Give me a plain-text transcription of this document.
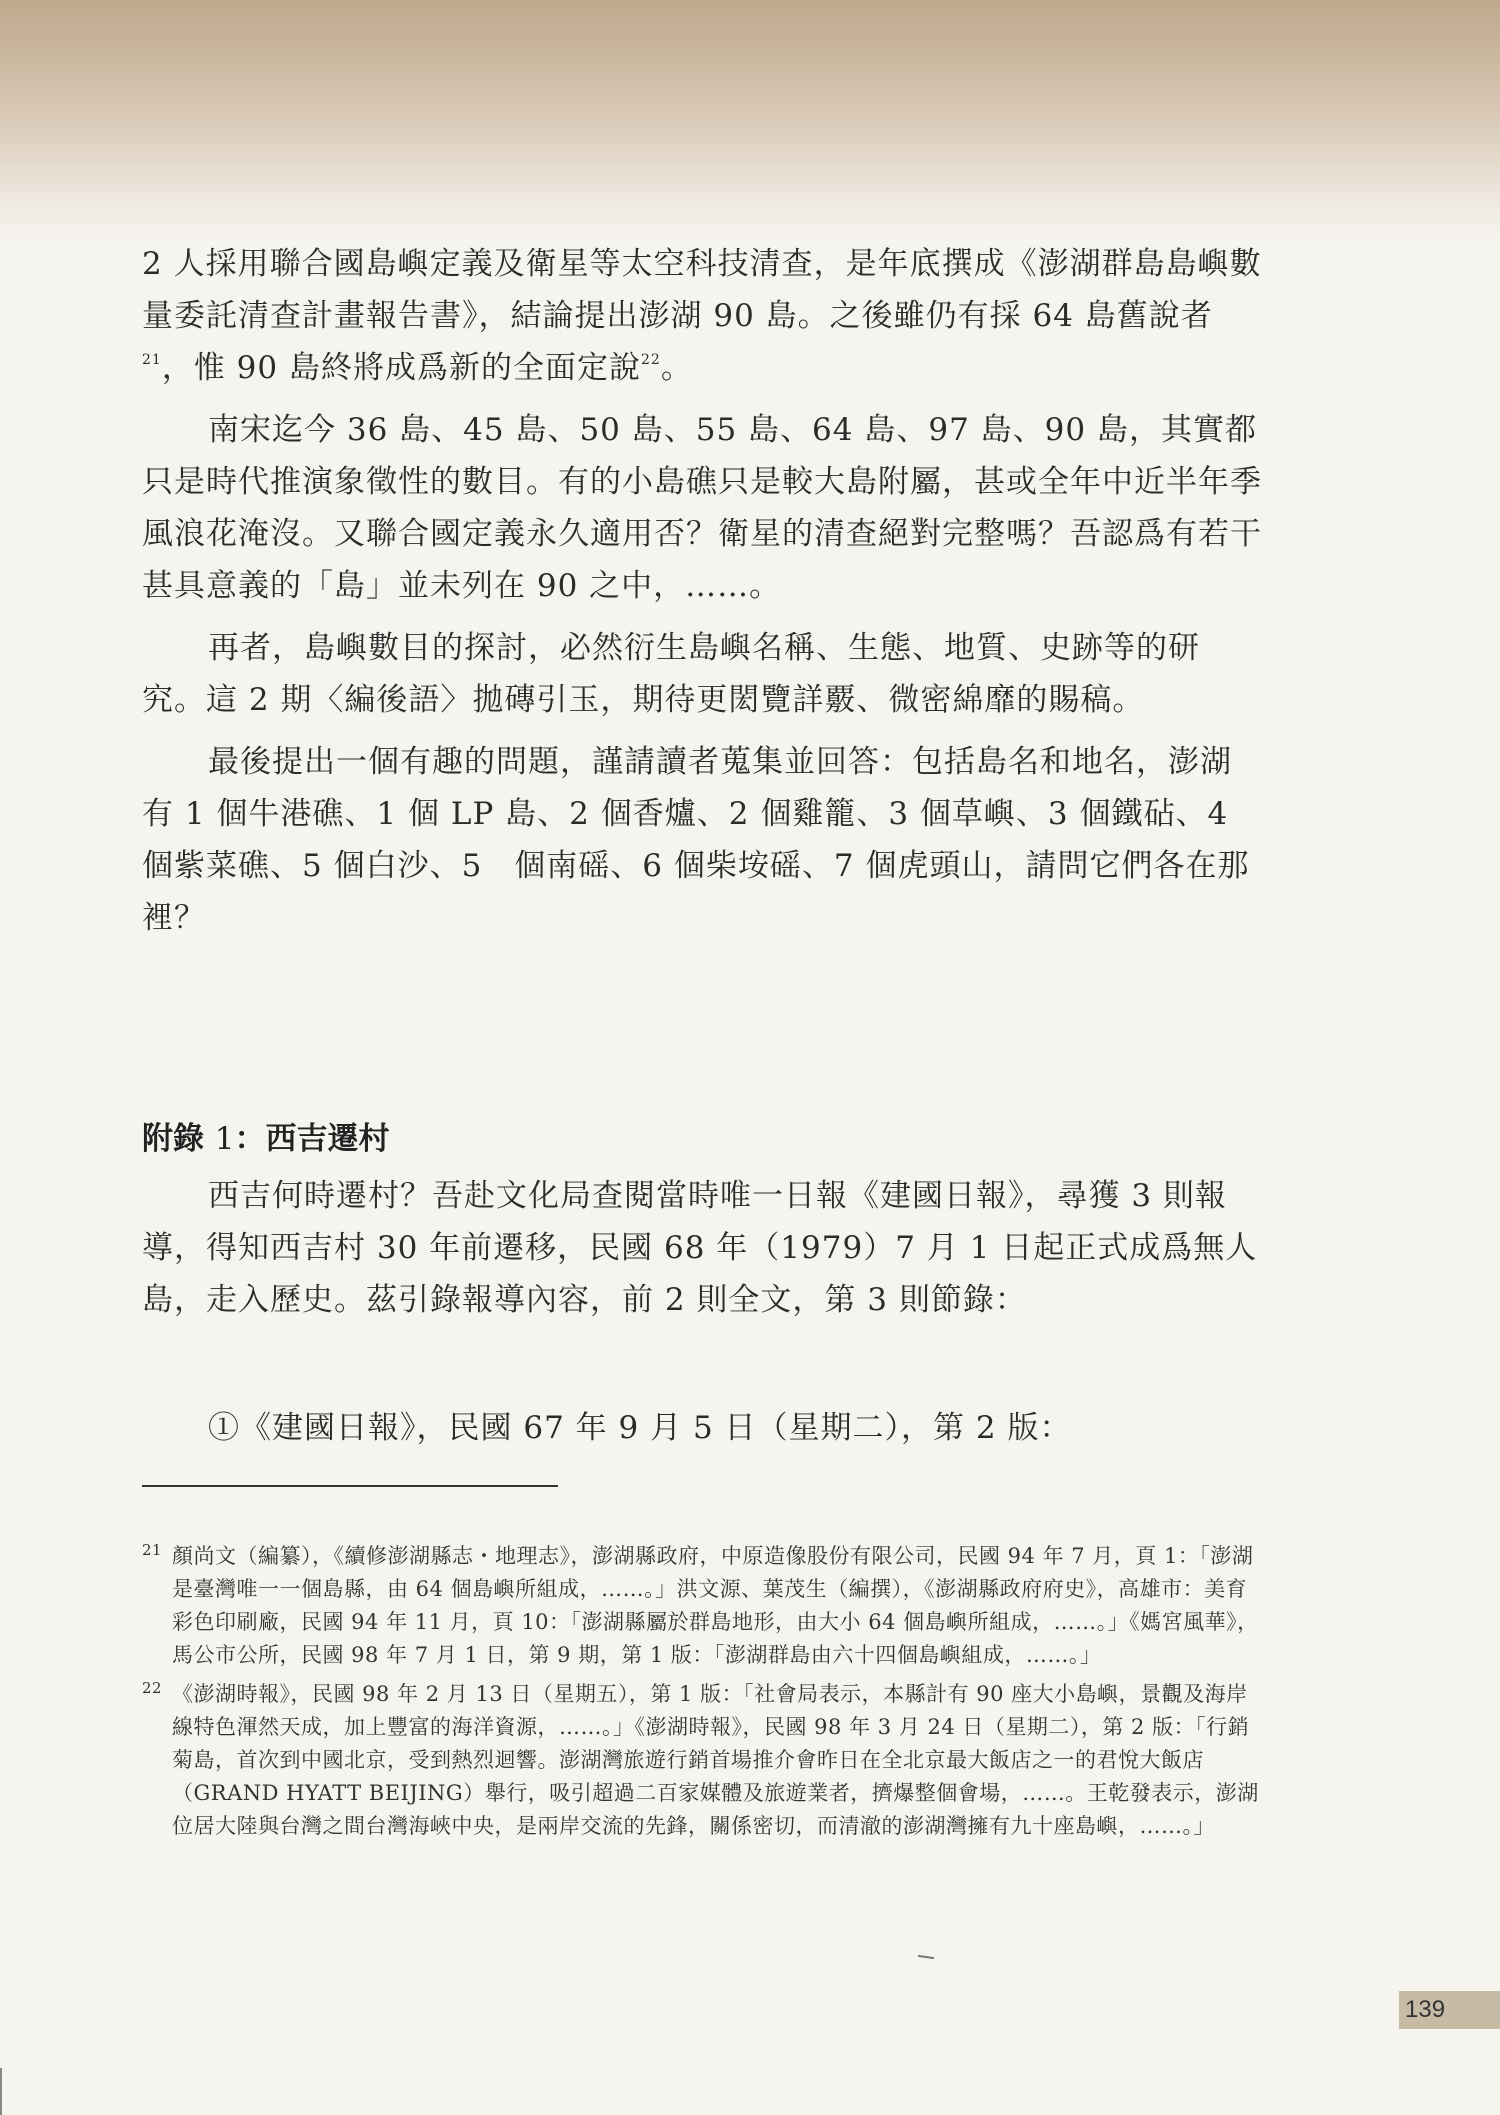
2 人採用聯合國島嶼定義及衛星等太空科技清查，是年底撰成《澎湖群島島嶼數量委託清查計畫報告書》，結論提出澎湖 90 島。之後雖仍有採 64 島舊說者$^{21}$，惟 90 島終將成爲新的全面定說$^{22}$。

南宋迄今 36 島、45 島、50 島、55 島、64 島、97 島、90 島，其實都只是時代推演象徵性的數目。有的小島礁只是較大島附屬，甚或全年中近半年季風浪花淹沒。又聯合國定義永久適用否？衛星的清查絕對完整嗎？吾認爲有若干甚具意義的「島」並未列在 90 之中，……。

再者，島嶼數目的探討，必然衍生島嶼名稱、生態、地質、史跡等的研究。這 2 期〈編後語〉拋磚引玉，期待更閎覽詳覈、微密綿靡的賜稿。

最後提出一個有趣的問題，謹請讀者蒐集並回答：包括島名和地名，澎湖有 1 個牛港礁、1 個 LP 島、2 個香爐、2 個雞籠、3 個草嶼、3 個鐵砧、4 個紫菜礁、5 個白沙、5　個南磘、6 個柴垵磘、7 個虎頭山，請問它們各在那裡？

附錄 1：西吉遷村

西吉何時遷村？吾赴文化局查閱當時唯一日報《建國日報》，尋獲 3 則報導，得知西吉村 30 年前遷移，民國 68 年（1979）7 月 1 日起正式成爲無人島，走入歷史。茲引錄報導內容，前 2 則全文，第 3 則節錄：

①《建國日報》，民國 67 年 9 月 5 日（星期二），第 2 版：

21 顏尚文（編纂），《續修澎湖縣志・地理志》，澎湖縣政府，中原造像股份有限公司，民國 94 年 7 月，頁 1：「澎湖是臺灣唯一一個島縣，由 64 個島嶼所組成，……。」洪文源、葉茂生（編撰），《澎湖縣政府府史》，高雄市：美育彩色印刷廠，民國 94 年 11 月，頁 10：「澎湖縣屬於群島地形，由大小 64 個島嶼所組成，……。」《媽宮風華》，馬公市公所，民國 98 年 7 月 1 日，第 9 期，第 1 版：「澎湖群島由六十四個島嶼組成，……。」
22 《澎湖時報》，民國 98 年 2 月 13 日（星期五），第 1 版：「社會局表示，本縣計有 90 座大小島嶼，景觀及海岸線特色渾然天成，加上豐富的海洋資源，……。」《澎湖時報》，民國 98 年 3 月 24 日（星期二），第 2 版：「行銷菊島，首次到中國北京，受到熱烈迴響。澎湖灣旅遊行銷首場推介會昨日在全北京最大飯店之一的君悅大飯店（GRAND HYATT BEIJING）舉行，吸引超過二百家媒體及旅遊業者，擠爆整個會場，……。王乾發表示，澎湖位居大陸與台灣之間台灣海峽中央，是兩岸交流的先鋒，關係密切，而清澈的澎湖灣擁有九十座島嶼，……。」
139
